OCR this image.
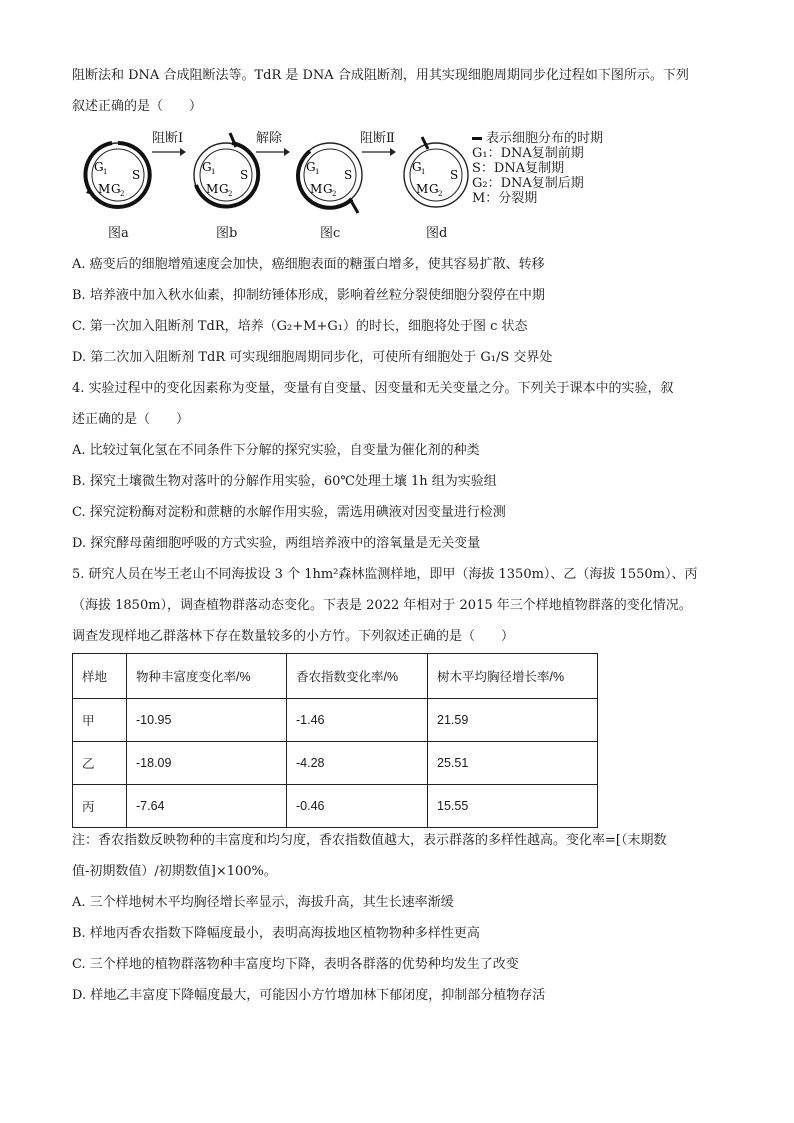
阻断法和 DNA 合成阻断法等。TdR 是 DNA 合成阻断剂，用其实现细胞周期同步化过程如下图所示。下列
叙述正确的是（　　）
G 1 S
M G 2
阻断Ⅰ
G 1 S
M G 2
解除
G 1 S
M G 2
阻断Ⅱ
G 1 S
M G 2
图a	图b	图c	图d
表示细胞分布的时期
G₁：DNA复制前期
S：DNA复制期
G₂：DNA复制后期
M：分裂期
A. 癌变后的细胞增殖速度会加快，癌细胞表面的糖蛋白增多，使其容易扩散、转移
B. 培养液中加入秋水仙素，抑制纺锤体形成，影响着丝粒分裂使细胞分裂停在中期
C. 第一次加入阻断剂 TdR，培养（G₂+M+G₁）的时长，细胞将处于图 c 状态
D. 第二次加入阻断剂 TdR 可实现细胞周期同步化，可使所有细胞处于 G₁/S 交界处
4. 实验过程中的变化因素称为变量，变量有自变量、因变量和无关变量之分。下列关于课本中的实验，叙
述正确的是（　　）
A. 比较过氧化氢在不同条件下分解的探究实验，自变量为催化剂的种类
B. 探究土壤微生物对落叶的分解作用实验，60℃处理土壤 1h 组为实验组
C. 探究淀粉酶对淀粉和蔗糖的水解作用实验，需选用碘液对因变量进行检测
D. 探究酵母菌细胞呼吸的方式实验，两组培养液中的溶氧量是无关变量
5. 研究人员在岑王老山不同海拔设 3 个 1hm²森林监测样地，即甲（海拔 1350m）、乙（海拔 1550m）、丙
（海拔 1850m），调查植物群落动态变化。下表是 2022 年相对于 2015 年三个样地植物群落的变化情况。
调查发现样地乙群落林下存在数量较多的小方竹。下列叙述正确的是（　　）
样地	物种丰富度变化率/%	香农指数变化率/%	树木平均胸径增长率/%
甲	-10.95	-1.46	21.59
乙	-18.09	-4.28	25.51
丙	-7.64	-0.46	15.55
注：香农指数反映物种的丰富度和均匀度，香农指数值越大，表示群落的多样性越高。变化率=[（末期数
值-初期数值）/初期数值]×100%。
A. 三个样地树木平均胸径增长率显示，海拔升高，其生长速率渐缓
B. 样地丙香农指数下降幅度最小，表明高海拔地区植物物种多样性更高
C. 三个样地的植物群落物种丰富度均下降，表明各群落的优势种均发生了改变
D. 样地乙丰富度下降幅度最大，可能因小方竹增加林下郁闭度，抑制部分植物存活
